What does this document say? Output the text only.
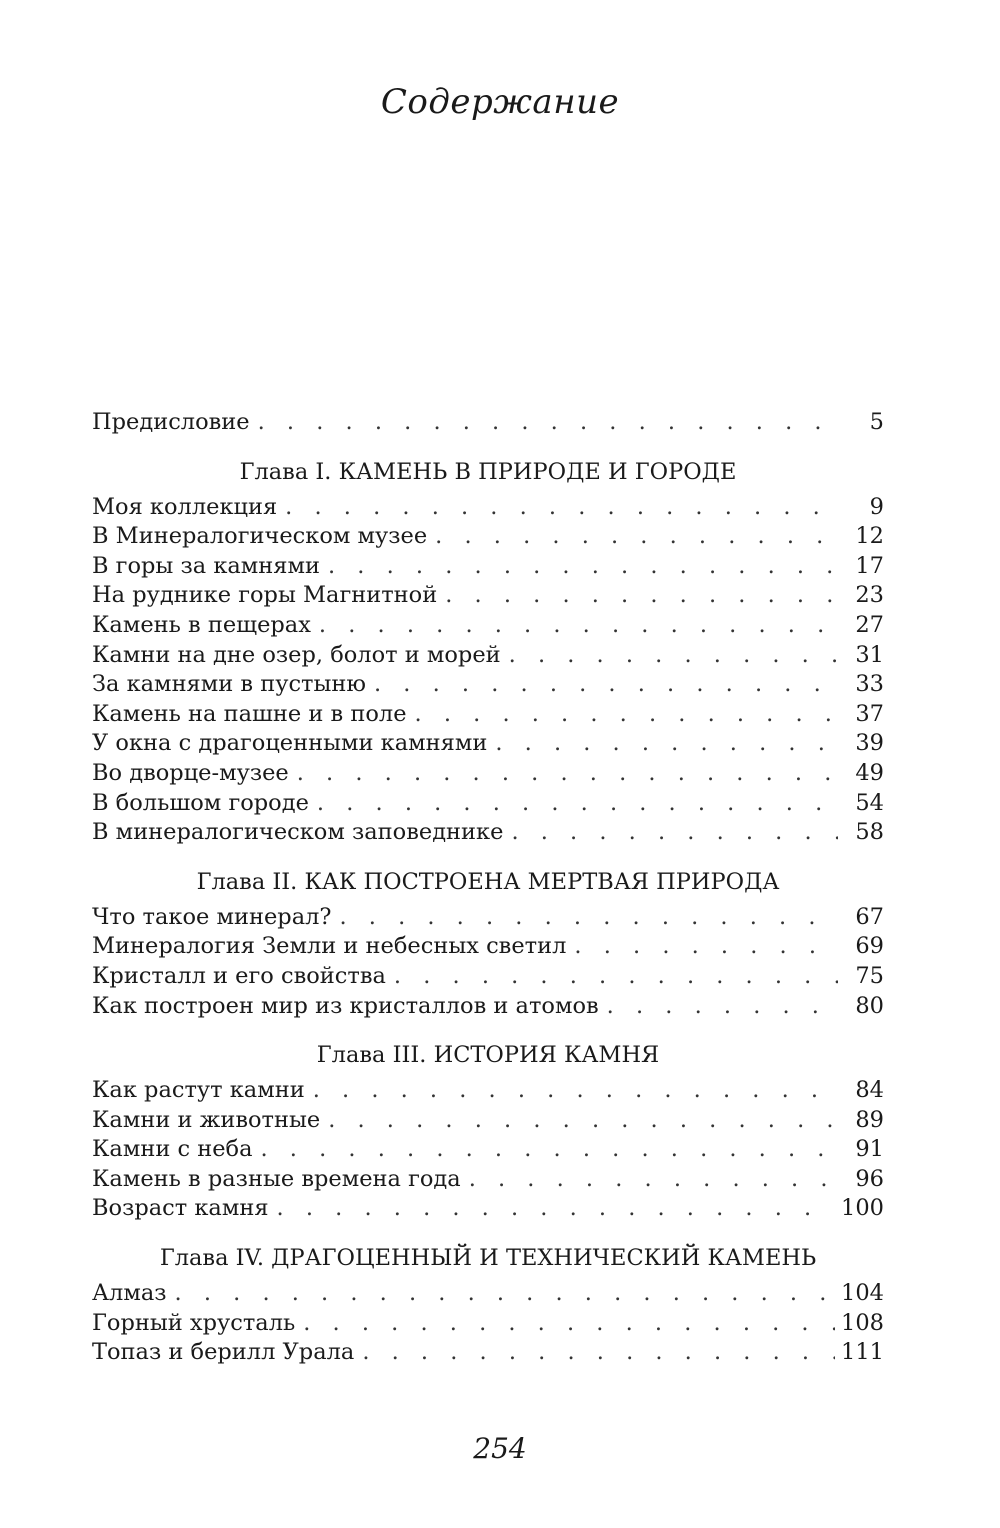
Содержание
Предисловие . . .	5
Глава I. КАМЕНЬ В ПРИРОДЕ И ГОРОДЕ
Моя коллекция . . .	9
В Минералогическом музее . . .	12
В горы за камнями . . .	17
На руднике горы Магнитной . . .	23
Камень в пещерах . . .	27
Камни на дне озер, болот и морей . . .	31
За камнями в пустыню . . .	33
Камень на пашне и в поле . . .	37
У окна с драгоценными камнями . . .	39
Во дворце-музее . . .	49
В большом городе . . .	54
В минералогическом заповеднике . . .	58
Глава II. КАК ПОСТРОЕНА МЕРТВАЯ ПРИРОДА
Что такое минерал? . . .	67
Минералогия Земли и небесных светил . . .	69
Кристалл и его свойства . . .	75
Как построен мир из кристаллов и атомов . . .	80
Глава III. ИСТОРИЯ КАМНЯ
Как растут камни . . .	84
Камни и животные . . .	89
Камни с неба . . .	91
Камень в разные времена года . . .	96
Возраст камня . . .	100
Глава IV. ДРАГОЦЕННЫЙ И ТЕХНИЧЕСКИЙ КАМЕНЬ
Алмаз . . .	104
Горный хрусталь . . .	108
Топаз и берилл Урала . . .	111
254
